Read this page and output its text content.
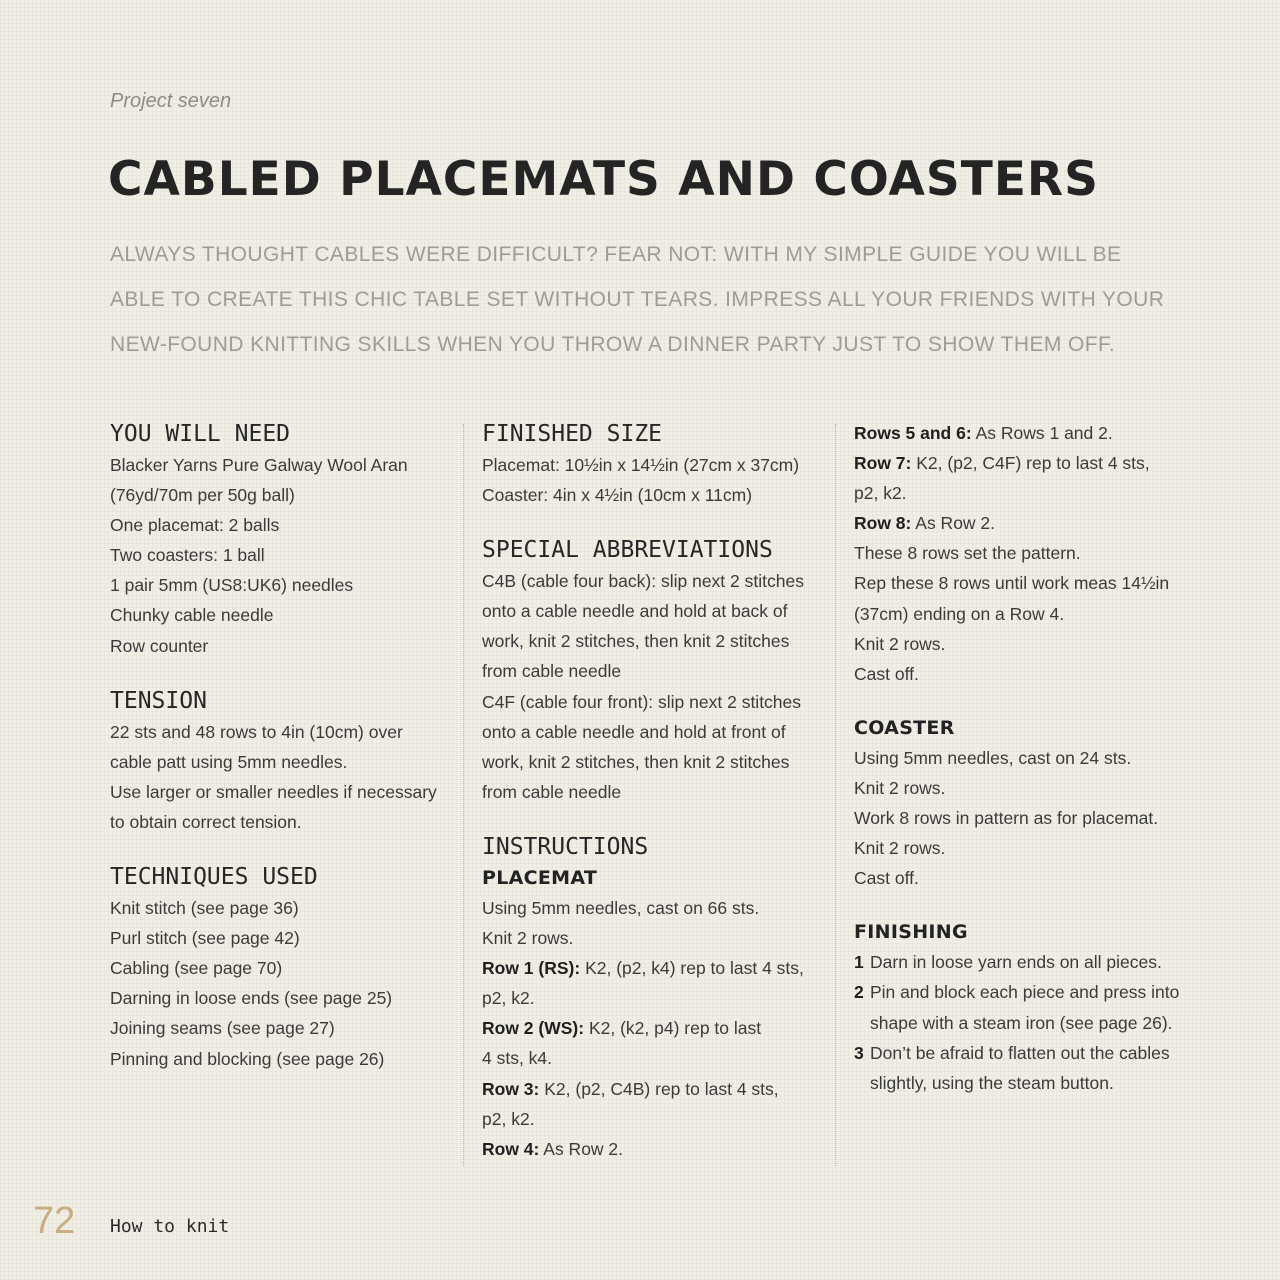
Project seven
CABLED PLACEMATS AND COASTERS
ALWAYS THOUGHT CABLES WERE DIFFICULT? FEAR NOT: WITH MY SIMPLE GUIDE YOU WILL BE
ABLE TO CREATE THIS CHIC TABLE SET WITHOUT TEARS. IMPRESS ALL YOUR FRIENDS WITH YOUR
NEW-FOUND KNITTING SKILLS WHEN YOU THROW A DINNER PARTY JUST TO SHOW THEM OFF.
YOU WILL NEED
Blacker Yarns Pure Galway Wool Aran
(76yd/70m per 50g ball)
One placemat: 2 balls
Two coasters: 1 ball
1 pair 5mm (US8:UK6) needles
Chunky cable needle
Row counter
TENSION
22 sts and 48 rows to 4in (10cm) over
cable patt using 5mm needles.
Use larger or smaller needles if necessary
to obtain correct tension.
TECHNIQUES USED
Knit stitch (see page 36)
Purl stitch (see page 42)
Cabling (see page 70)
Darning in loose ends (see page 25)
Joining seams (see page 27)
Pinning and blocking (see page 26)
FINISHED SIZE
Placemat: 10½in x 14½in (27cm x 37cm)
Coaster: 4in x 4½in (10cm x 11cm)
SPECIAL ABBREVIATIONS
C4B (cable four back): slip next 2 stitches
onto a cable needle and hold at back of
work, knit 2 stitches, then knit 2 stitches
from cable needle
C4F (cable four front): slip next 2 stitches
onto a cable needle and hold at front of
work, knit 2 stitches, then knit 2 stitches
from cable needle
INSTRUCTIONS
PLACEMAT
Using 5mm needles, cast on 66 sts.
Knit 2 rows.
Row 1 (RS): K2, (p2, k4) rep to last 4 sts,
p2, k2.
Row 2 (WS): K2, (k2, p4) rep to last
4 sts, k4.
Row 3: K2, (p2, C4B) rep to last 4 sts,
p2, k2.
Row 4: As Row 2.
Rows 5 and 6: As Rows 1 and 2.
Row 7: K2, (p2, C4F) rep to last 4 sts,
p2, k2.
Row 8: As Row 2.
These 8 rows set the pattern.
Rep these 8 rows until work meas 14½in
(37cm) ending on a Row 4.
Knit 2 rows.
Cast off.
COASTER
Using 5mm needles, cast on 24 sts.
Knit 2 rows.
Work 8 rows in pattern as for placemat.
Knit 2 rows.
Cast off.
FINISHING
1 Darn in loose yarn ends on all pieces.
2 Pin and block each piece and press into
shape with a steam iron (see page 26).
3 Don’t be afraid to flatten out the cables
slightly, using the steam button.
72 How to knit
